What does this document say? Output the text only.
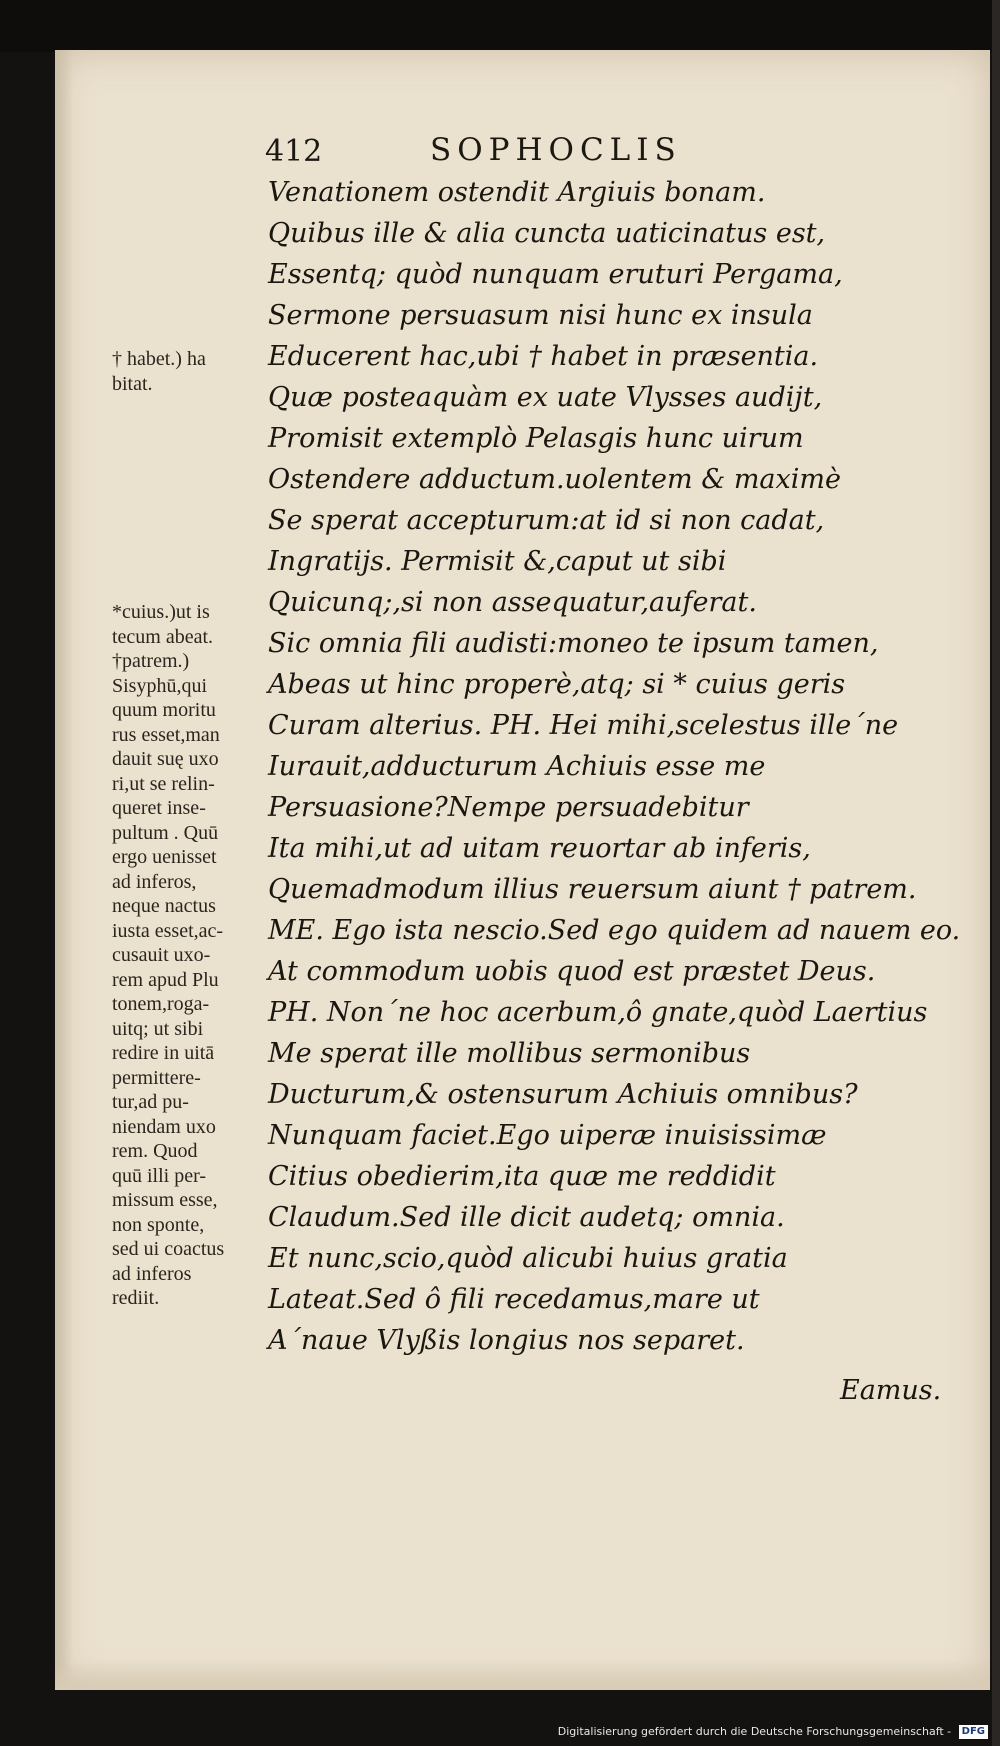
412	SOPHOCLIS
† habet.) ha
bitat.
*cuius.)ut is
tecum abeat.
†patrem.)
Sisyphū,qui
quum moritu
rus esset,man
dauit suę uxo
ri,ut se relin-
queret inse-
pultum . Quū
ergo uenisset
ad inferos,
neque nactus
iusta esset,ac-
cusauit uxo-
rem apud Plu
tonem,roga-
uitq; ut sibi
redire in uitā
permittere-
tur,ad pu-
niendam uxo
rem. Quod
quū illi per-
missum esse,
non sponte,
sed ui coactus
ad inferos
rediit.
Venationem ostendit Argiuis bonam.
Quibus ille & alia cuncta uaticinatus est,
Essentq; quòd nunquam eruturi Pergama,
Sermone persuasum nisi hunc ex insula
Educerent hac,ubi † habet in præsentia.
Quæ posteaquàm ex uate Vlysses audijt,
Promisit extemplò Pelasgis hunc uirum
Ostendere adductum.uolentem & maximè
Se sperat accepturum:at id si non cadat,
Ingratijs. Permisit &,caput ut sibi
Quicunq;,si non assequatur,auferat.
Sic omnia fili audisti:moneo te ipsum tamen,
Abeas ut hinc properè,atq; si * cuius geris
Curam alterius. PH. Hei mihi,scelestus ille´ne
Iurauit,adducturum Achiuis esse me
Persuasione?Nempe persuadebitur
Ita mihi,ut ad uitam reuortar ab inferis,
Quemadmodum illius reuersum aiunt † patrem.
ME. Ego ista nescio.Sed ego quidem ad nauem eo.
At commodum uobis quod est præstet Deus.
PH. Non´ne hoc acerbum,ô gnate,quòd Laertius
Me sperat ille mollibus sermonibus
Ducturum,& ostensurum Achiuis omnibus?
Nunquam faciet.Ego uiperæ inuisissimæ
Citius obedierim,ita quæ me reddidit
Claudum.Sed ille dicit audetq; omnia.
Et nunc,scio,quòd alicubi huius gratia
Lateat.Sed ô fili recedamus,mare ut
A´naue Vlyßis longius nos separet.
Eamus.
Digitalisierung gefördert durch die Deutsche Forschungsgemeinschaft - DFG
